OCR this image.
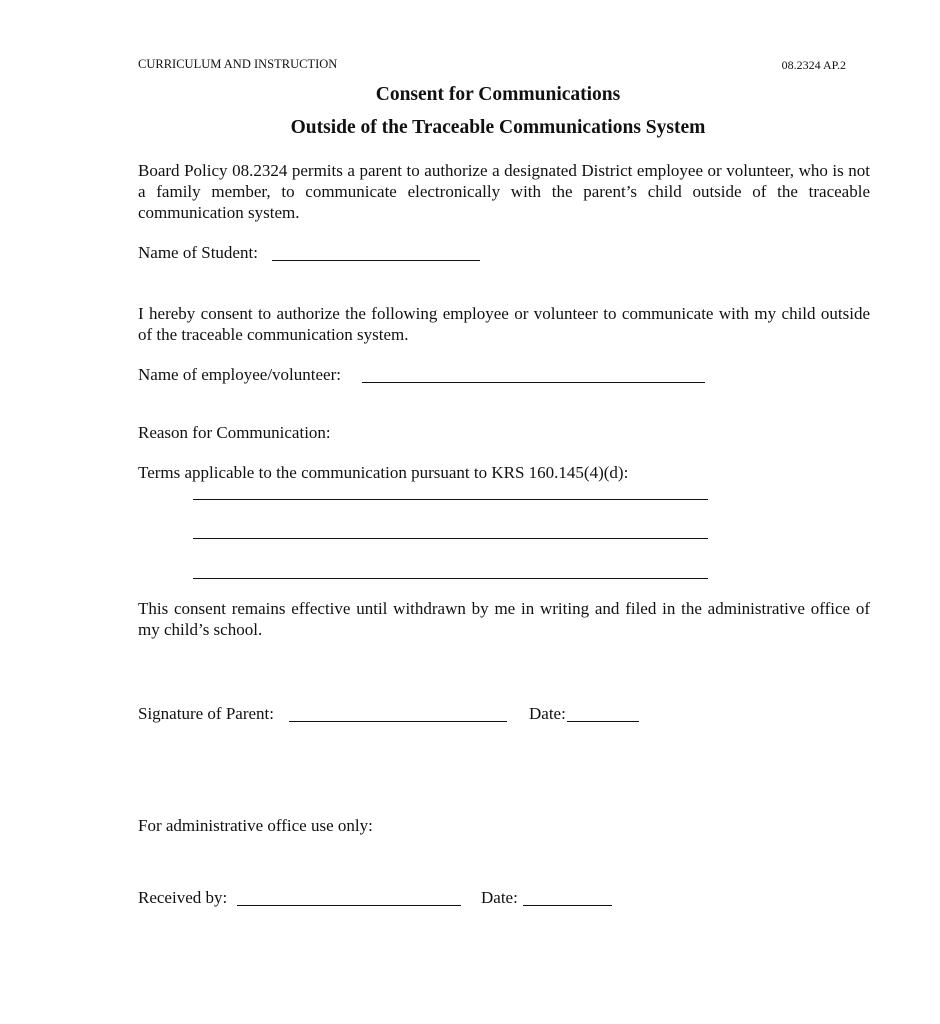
CURRICULUM AND INSTRUCTION	08.2324 AP.2
Consent for Communications
Outside of the Traceable Communications System
Board Policy 08.2324 permits a parent to authorize a designated District employee or volunteer, who is not a family member, to communicate electronically with the parent’s child outside of the traceable communication system.
Name of Student:
I hereby consent to authorize the following employee or volunteer to communicate with my child outside of the traceable communication system.
Name of employee/volunteer:
Reason for Communication:
Terms applicable to the communication pursuant to KRS 160.145(4)(d):
This consent remains effective until withdrawn by me in writing and filed in the administrative office of my child’s school.
Signature of Parent:	Date:
For administrative office use only:
Received by:	Date:
